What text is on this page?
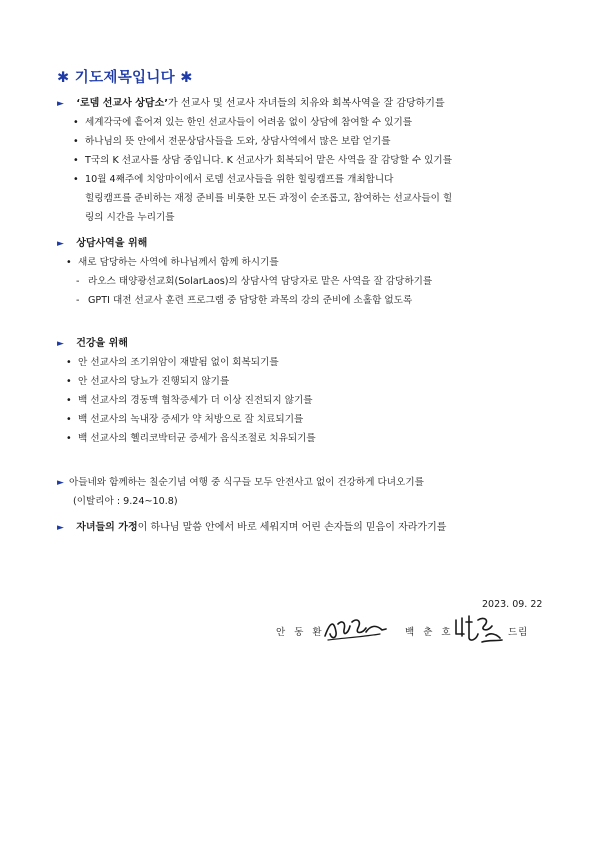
✱ 기도제목입니다 ✱
► ‘로뎀 선교사 상담소’가 선교사 및 선교사 자녀들의 치유와 회복사역을 잘 감당하기를
• 세계각국에 흩어져 있는 한인 선교사들이 어려움 없이 상담에 참여할 수 있기를
• 하나님의 뜻 안에서 전문상담사들을 도와, 상담사역에서 많은 보람 얻기를
• T국의 K 선교사를 상담 중입니다. K 선교사가 회복되어 맡은 사역을 잘 감당할 수 있기를
• 10월 4째주에 치앙마이에서 로뎀 선교사들을 위한 힐링캠프를 개최합니다
힐링캠프를 준비하는 재정 준비를 비롯한 모든 과정이 순조롭고, 참여하는 선교사들이 힐
링의 시간을 누리기를
► 상담사역을 위해
• 새로 담당하는 사역에 하나님께서 함께 하시기를
- 라오스 태양광선교회(SolarLaos)의 상담사역 담당자로 맡은 사역을 잘 감당하기를
- GPTI 대전 선교사 훈련 프로그램 중 담당한 과목의 강의 준비에 소홀함 없도록
► 건강을 위해
• 안 선교사의 조기위암이 재발됨 없이 회복되기를
• 안 선교사의 당뇨가 진행되지 않기를
• 백 선교사의 경동맥 협착증세가 더 이상 진전되지 않기를
• 백 선교사의 녹내장 증세가 약 처방으로 잘 치료되기를
• 백 선교사의 헬리코박터균 증세가 음식조절로 치유되기를
► 아들네와 함께하는 칠순기념 여행 중 식구들 모두 안전사고 없이 건강하게 다녀오기를
(이탈리아 : 9.24~10.8)
► 자녀들의 가정이 하나님 말씀 안에서 바로 세워지며 어린 손자들의 믿음이 자라가기를
2023. 09. 22
안 동 환	백 춘 호	드림
